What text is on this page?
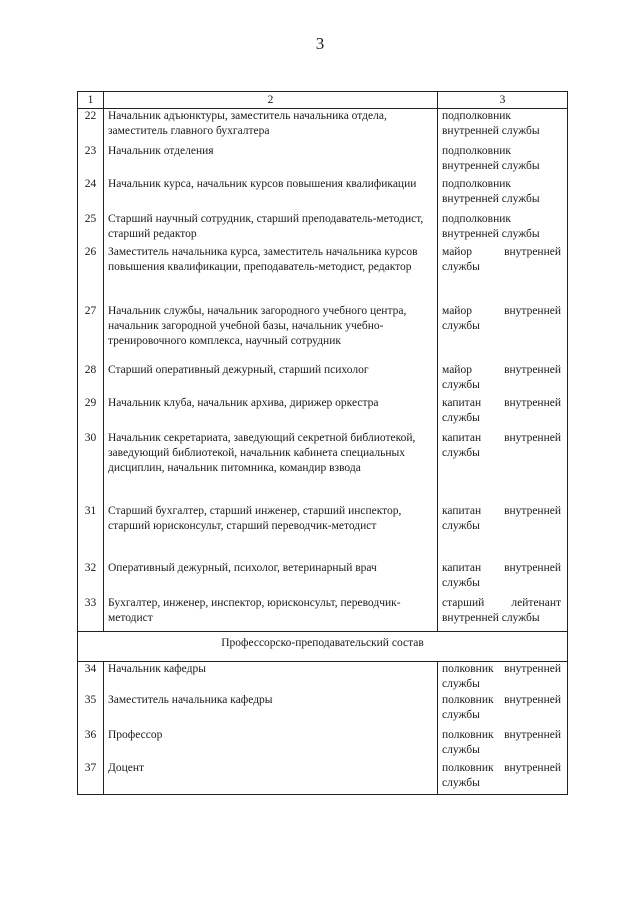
3
1	2	3
22	Начальник адъюнктуры, заместитель начальника отдела, заместитель главного бухгалтера	подполковник внутренней службы
23	Начальник отделения	подполковник внутренней службы
24	Начальник курса, начальник курсов повышения квалификации	подполковник внутренней службы
25	Старший научный сотрудник, старший преподаватель-методист, старший редактор	подполковник внутренней службы
26	Заместитель начальника курса, заместитель начальника курсов повышения квалификации, преподаватель-методист, редактор	майор внутренней службы
27	Начальник службы, начальник загородного учебного центра, начальник загородной учебной базы, начальник учебно-тренировочного комплекса, научный сотрудник	майор внутренней службы
28	Старший оперативный дежурный, старший психолог	майор внутренней службы
29	Начальник клуба, начальник архива, дирижер оркестра	капитан внутренней службы
30	Начальник секретариата, заведующий секретной библиотекой, заведующий библиотекой, начальник кабинета специальных дисциплин, начальник питомника, командир взвода	капитан внутренней службы
31	Старший бухгалтер, старший инженер, старший инспектор, старший юрисконсульт, старший переводчик-методист	капитан внутренней службы
32	Оперативный дежурный, психолог, ветеринарный врач	капитан внутренней службы
33	Бухгалтер, инженер, инспектор, юрисконсульт, переводчик-методист	старший лейтенант внутренней службы
Профессорско-преподавательский состав		
34	Начальник кафедры	полковник внутренней службы
35	Заместитель начальника кафедры	полковник внутренней службы
36	Профессор	полковник внутренней службы
37	Доцент	полковник внутренней службы
